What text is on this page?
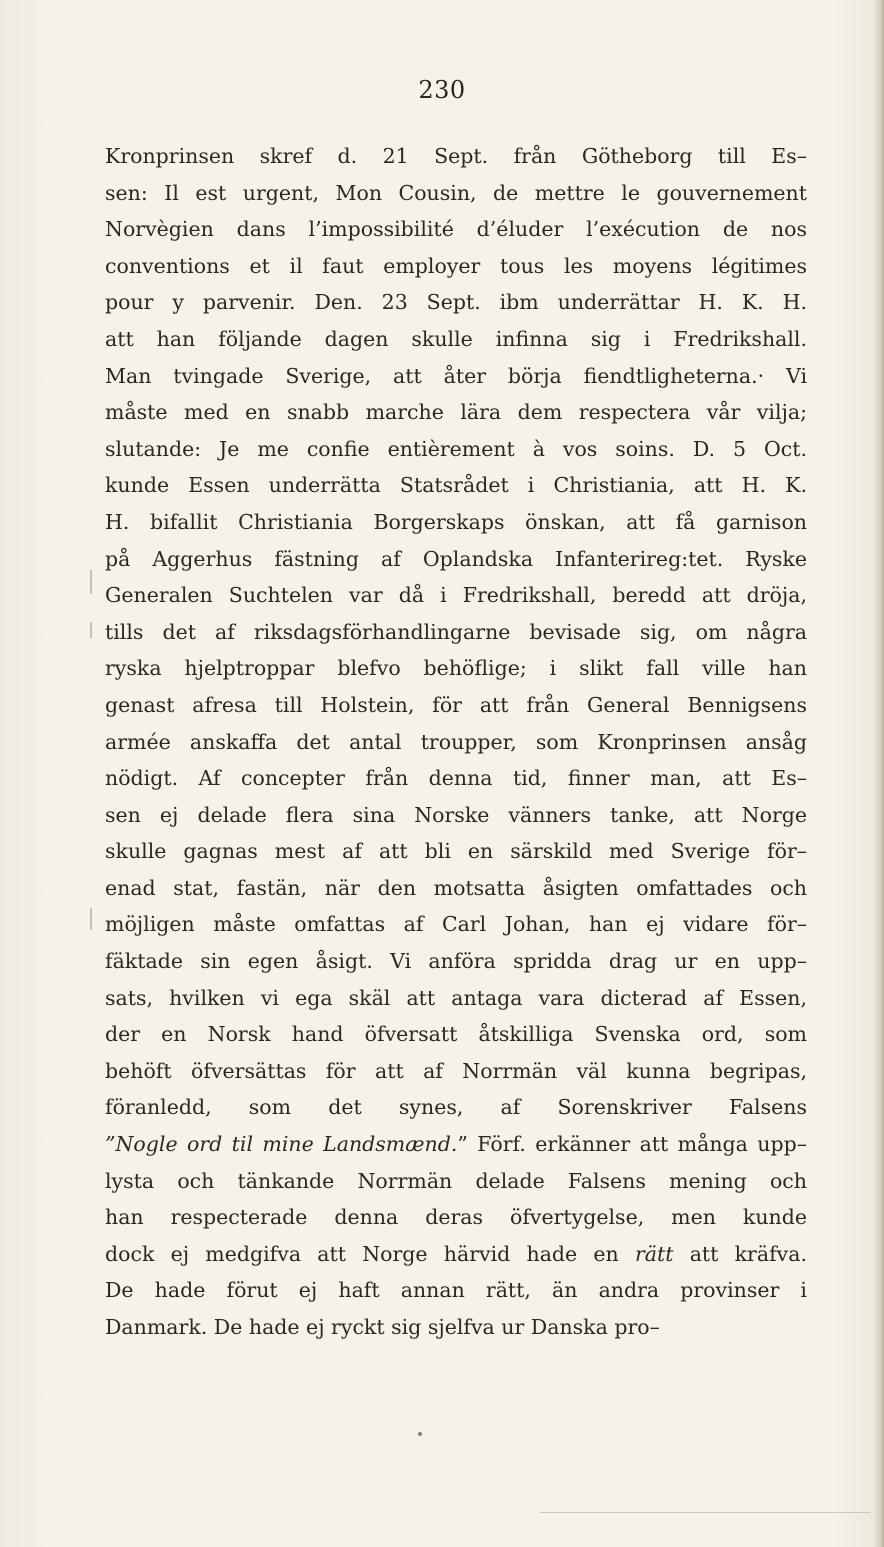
230
Kronprinsen skref d. 21 Sept. från Götheborg till Es–
sen: Il est urgent, Mon Cousin, de mettre le gouvernement
Norvègien dans l’impossibilité d’éluder l’exécution de nos
conventions et il faut employer tous les moyens légitimes
pour y parvenir. Den. 23 Sept. ibm underrättar H. K. H.
att han följande dagen skulle infinna sig i Fredrikshall.
Man tvingade Sverige, att åter börja fiendtligheterna.· Vi
måste med en snabb marche lära dem respectera vår vilja;
slutande: Je me confie entièrement à vos soins. D. 5 Oct.
kunde Essen underrätta Statsrådet i Christiania, att H. K.
H. bifallit Christiania Borgerskaps önskan, att få garnison
på Aggerhus fästning af Oplandska Infanterireg:tet. Ryske
Generalen Suchtelen var då i Fredrikshall, beredd att dröja,
tills det af riksdagsförhandlingarne bevisade sig, om några
ryska hjelptroppar blefvo behöflige; i slikt fall ville han
genast afresa till Holstein, för att från General Bennigsens
armée anskaffa det antal troupper, som Kronprinsen ansåg
nödigt. Af concepter från denna tid, finner man, att Es–
sen ej delade flera sina Norske vänners tanke, att Norge
skulle gagnas mest af att bli en särskild med Sverige för–
enad stat, fastän, när den motsatta åsigten omfattades och
möjligen måste omfattas af Carl Johan, han ej vidare för–
fäktade sin egen åsigt. Vi anföra spridda drag ur en upp–
sats, hvilken vi ega skäl att antaga vara dicterad af Essen,
der en Norsk hand öfversatt åtskilliga Svenska ord, som
behöft öfversättas för att af Norrmän väl kunna begripas,
föranledd, som det synes, af Sorenskriver Falsens
”Nogle ord til mine Landsmænd.” Förf. erkänner att många upp–
lysta och tänkande Norrmän delade Falsens mening och
han respecterade denna deras öfvertygelse, men kunde
dock ej medgifva att Norge härvid hade en rätt att kräfva.
De hade förut ej haft annan rätt, än andra provinser i
Danmark. De hade ej ryckt sig sjelfva ur Danska pro–
